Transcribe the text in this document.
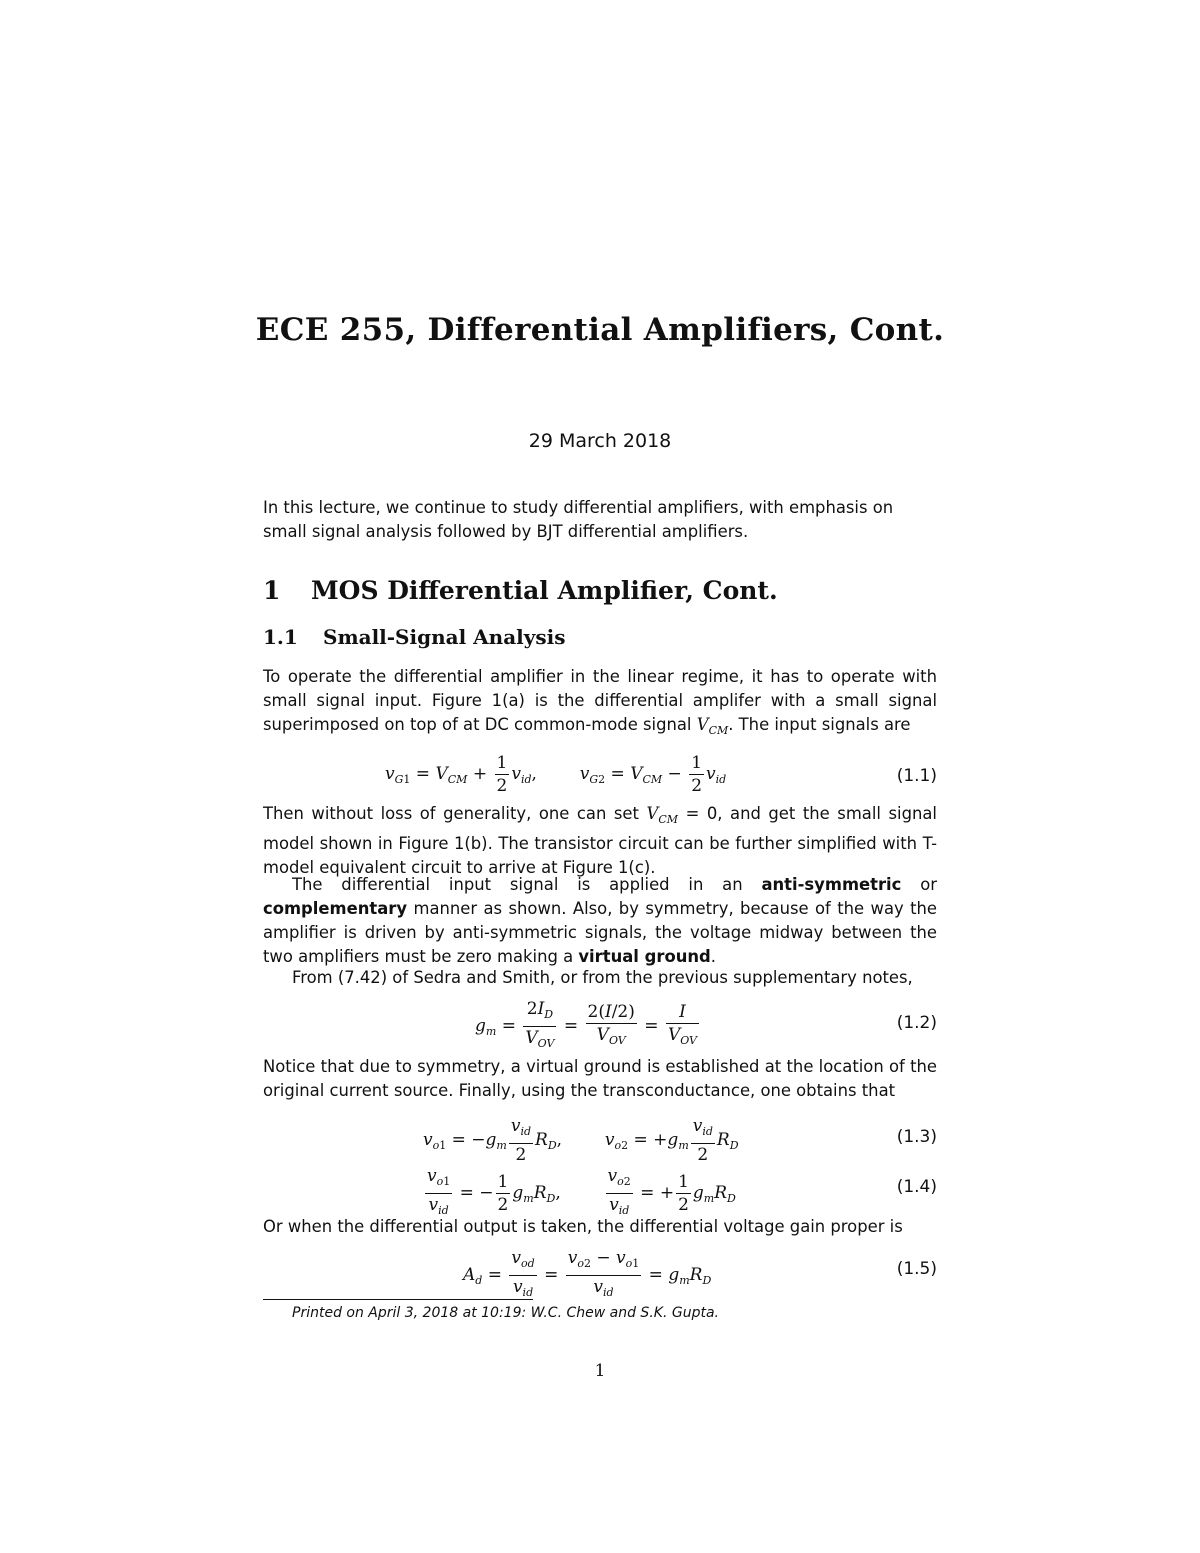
ECE 255, Differential Amplifiers, Cont.
29 March 2018
In this lecture, we continue to study differential amplifiers, with emphasis on small signal analysis followed by BJT differential amplifiers.
1 MOS Differential Amplifier, Cont.
1.1 Small-Signal Analysis
To operate the differential amplifier in the linear regime, it has to operate with small signal input. Figure 1(a) is the differential amplifer with a small signal superimposed on top of at DC common-mode signal $V_{CM}$. The input signals are
$v_{G1} = V_{CM} + \frac{1}{2} v_{id}$,  $v_{G2} = V_{CM} - \frac{1}{2} v_{id}$	(1.1)
Then without loss of generality, one can set $V_{CM} = 0$, and get the small signal model shown in Figure 1(b). The transistor circuit can be further simplified with T-model equivalent circuit to arrive at Figure 1(c).
The differential input signal is applied in an anti-symmetric or complementary manner as shown. Also, by symmetry, because of the way the amplifier is driven by anti-symmetric signals, the voltage midway between the two amplifiers must be zero making a virtual ground.
From (7.42) of Sedra and Smith, or from the previous supplementary notes,
$g_m = \frac{2I_D}{V_{OV}} = \frac{2(I/2)}{V_{OV}} = \frac{I}{V_{OV}}$	(1.2)
Notice that due to symmetry, a virtual ground is established at the location of the original current source. Finally, using the transconductance, one obtains that
$v_{o1} = -g_m \frac{v_{id}}{2} R_D$,  $v_{o2} = +g_m \frac{v_{id}}{2} R_D$	(1.3)
$\frac{v_{o1}}{v_{id}}$ = − $\frac{1}{2} g_mR_D$, $\frac{v_{o2}}{v_{id}}$ = + $\frac{1}{2} g_mR_D$
(1.4)
Or when the differential output is taken, the differential voltage gain proper is
$A_d = \frac{v_{od}}{v_{id}} = \frac{v_{o2} - v_{o1}}{v_{id}} = g_mR_D$
(1.5)
Printed on April 3, 2018 at 10:19: W.C. Chew and S.K. Gupta.
1
